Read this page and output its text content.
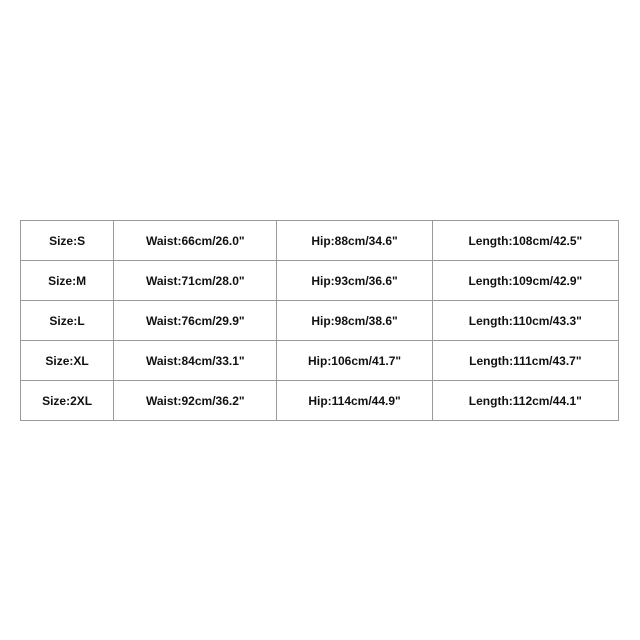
Size:S	Waist:66cm/26.0"	Hip:88cm/34.6"	Length:108cm/42.5"
Size:M	Waist:71cm/28.0"	Hip:93cm/36.6"	Length:109cm/42.9"
Size:L	Waist:76cm/29.9"	Hip:98cm/38.6"	Length:110cm/43.3"
Size:XL	Waist:84cm/33.1"	Hip:106cm/41.7"	Length:111cm/43.7"
Size:2XL	Waist:92cm/36.2"	Hip:114cm/44.9"	Length:112cm/44.1"
